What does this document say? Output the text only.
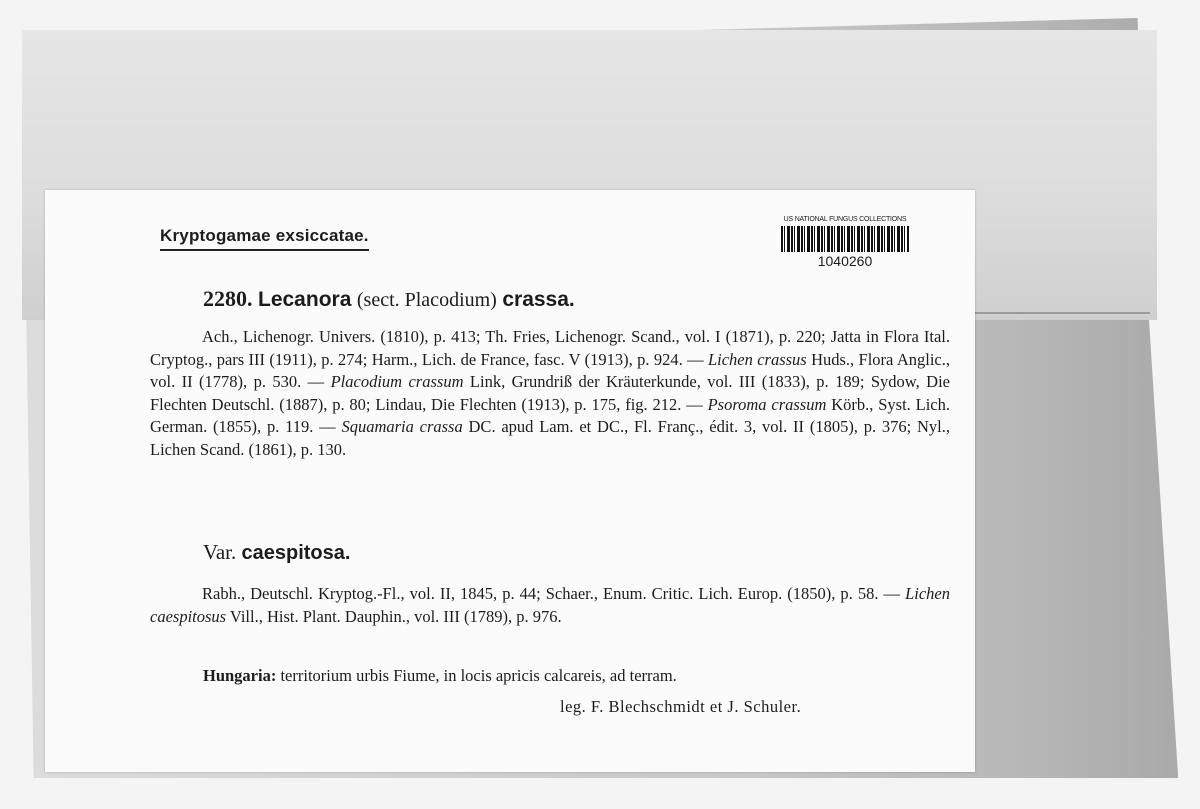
Kryptogamae exsiccatae.
US NATIONAL FUNGUS COLLECTIONS
1040260
2280. Lecanora (sect. Placodium) crassa.
Ach., Lichenogr. Univers. (1810), p. 413; Th. Fries, Lichenogr. Scand., vol. I (1871), p. 220; Jatta in Flora Ital. Cryptog., pars III (1911), p. 274; Harm., Lich. de France, fasc. V (1913), p. 924. — Lichen crassus Huds., Flora Anglic., vol. II (1778), p. 530. — Placodium crassum Link, Grundriß der Kräuterkunde, vol. III (1833), p. 189; Sydow, Die Flechten Deutschl. (1887), p. 80; Lindau, Die Flechten (1913), p. 175, fig. 212. — Psoroma crassum Körb., Syst. Lich. German. (1855), p. 119. — Squamaria crassa DC. apud Lam. et DC., Fl. Franç., édit. 3, vol. II (1805), p. 376; Nyl., Lichen Scand. (1861), p. 130.
Var. caespitosa.
Rabh., Deutschl. Kryptog.-Fl., vol. II, 1845, p. 44; Schaer., Enum. Critic. Lich. Europ. (1850), p. 58. — Lichen caespitosus Vill., Hist. Plant. Dauphin., vol. III (1789), p. 976.
Hungaria: territorium urbis Fiume, in locis apricis calcareis, ad terram.
leg. F. Blechschmidt et J. Schuler.
